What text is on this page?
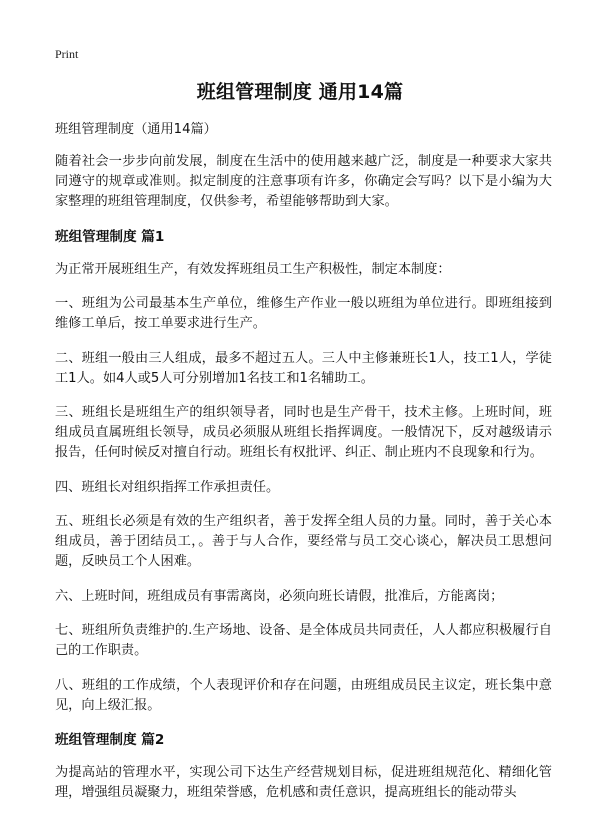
Print
班组管理制度 通用14篇

班组管理制度（通用14篇）

随着社会一步步向前发展，制度在生活中的使用越来越广泛，制度是一种要求大家共同遵守的规章或准则。拟定制度的注意事项有许多，你确定会写吗？以下是小编为大家整理的班组管理制度，仅供参考，希望能够帮助到大家。

班组管理制度 篇1

为正常开展班组生产，有效发挥班组员工生产积极性，制定本制度：

一、班组为公司最基本生产单位，维修生产作业一般以班组为单位进行。即班组接到维修工单后，按工单要求进行生产。

二、班组一般由三人组成，最多不超过五人。三人中主修兼班长1人，技工1人，学徒工1人。如4人或5人可分别增加1名技工和1名辅助工。

三、班组长是班组生产的组织领导者，同时也是生产骨干，技术主修。上班时间，班组成员直属班组长领导，成员必须服从班组长指挥调度。一般情况下，反对越级请示报告，任何时候反对擅自行动。班组长有权批评、纠正、制止班内不良现象和行为。

四、班组长对组织指挥工作承担责任。

五、班组长必须是有效的生产组织者，善于发挥全组人员的力量。同时，善于关心本组成员，善于团结员工，。善于与人合作，要经常与员工交心谈心，解决员工思想问题，反映员工个人困难。

六、上班时间，班组成员有事需离岗，必须向班长请假，批准后，方能离岗；

七、班组所负责维护的.生产场地、设备、是全体成员共同责任，人人都应积极履行自己的工作职责。

八、班组的工作成绩，个人表现评价和存在问题，由班组成员民主议定，班长集中意见，向上级汇报。

班组管理制度 篇2

为提高站的管理水平，实现公司下达生产经营规划目标，促进班组规范化、精细化管理，增强组员凝聚力，班组荣誉感，危机感和责任意识，提高班组长的能动带头
